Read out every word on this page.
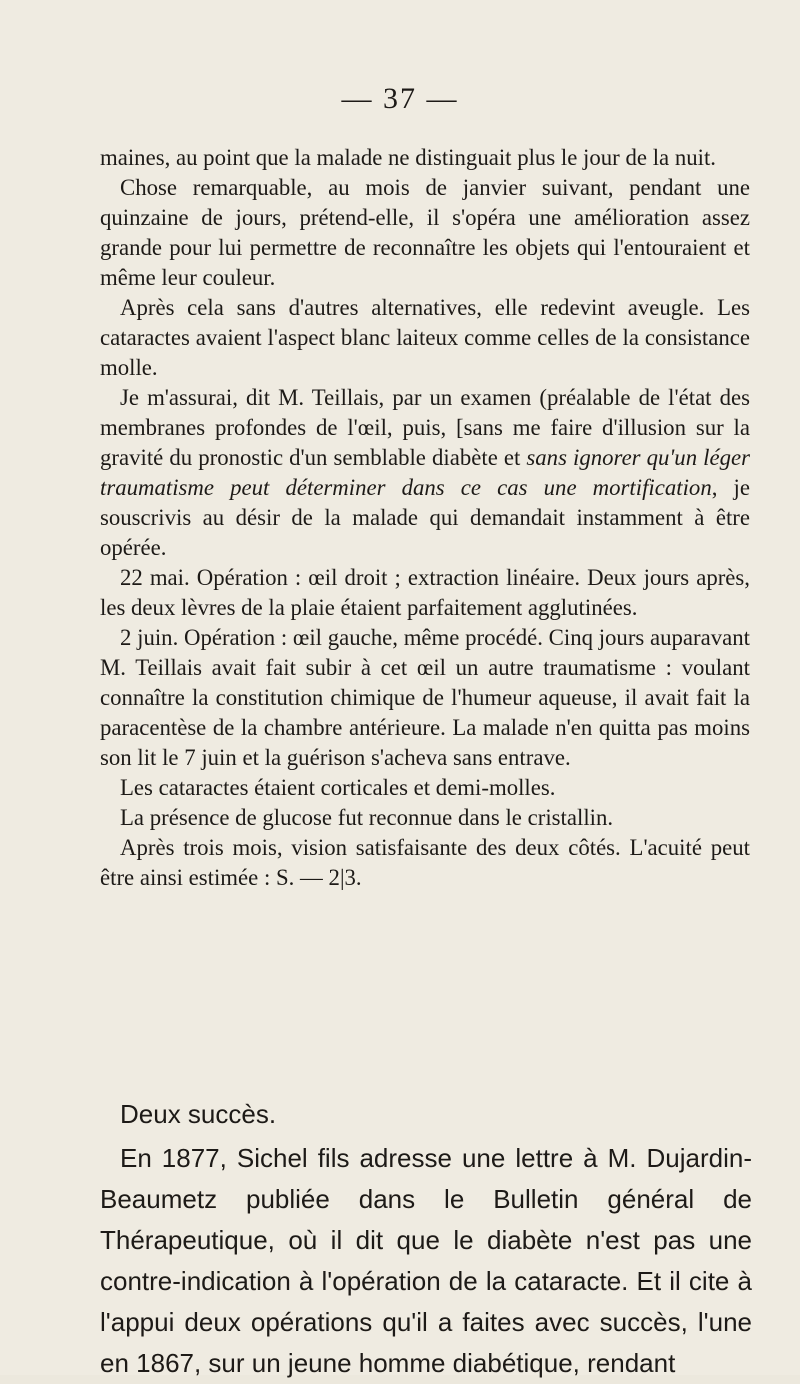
— 37 —

maines, au point que la malade ne distinguait plus le jour de la nuit.

Chose remarquable, au mois de janvier suivant, pendant une quinzaine de jours, prétend-elle, il s'opéra une amélioration assez grande pour lui permettre de reconnaître les objets qui l'entouraient et même leur couleur.

Après cela sans d'autres alternatives, elle redevint aveugle. Les cataractes avaient l'aspect blanc laiteux comme celles de la consistance molle.

Je m'assurai, dit M. Teillais, par un examen (préalable de l'état des membranes profondes de l'œil, puis, [sans me faire d'illusion sur la gravité du pronostic d'un semblable diabète et sans ignorer qu'un léger traumatisme peut déterminer dans ce cas une mortification, je souscrivis au désir de la malade qui demandait instamment à être opérée.

22 mai. Opération : œil droit ; extraction linéaire. Deux jours après, les deux lèvres de la plaie étaient parfaitement agglutinées.

2 juin. Opération : œil gauche, même procédé. Cinq jours auparavant M. Teillais avait fait subir à cet œil un autre traumatisme : voulant connaître la constitution chimique de l'humeur aqueuse, il avait fait la paracentèse de la chambre antérieure. La malade n'en quitta pas moins son lit le 7 juin et la guérison s'acheva sans entrave.

Les cataractes étaient corticales et demi-molles.

La présence de glucose fut reconnue dans le cristallin.

Après trois mois, vision satisfaisante des deux côtés. L'acuité peut être ainsi estimée : S. — 2|3.

Deux succès.

En 1877, Sichel fils adresse une lettre à M. Dujardin-Beaumetz publiée dans le Bulletin général de Thérapeutique, où il dit que le diabète n'est pas une contre-indication à l'opération de la cataracte. Et il cite à l'appui deux opérations qu'il a faites avec succès, l'une en 1867, sur un jeune homme diabétique, rendant
